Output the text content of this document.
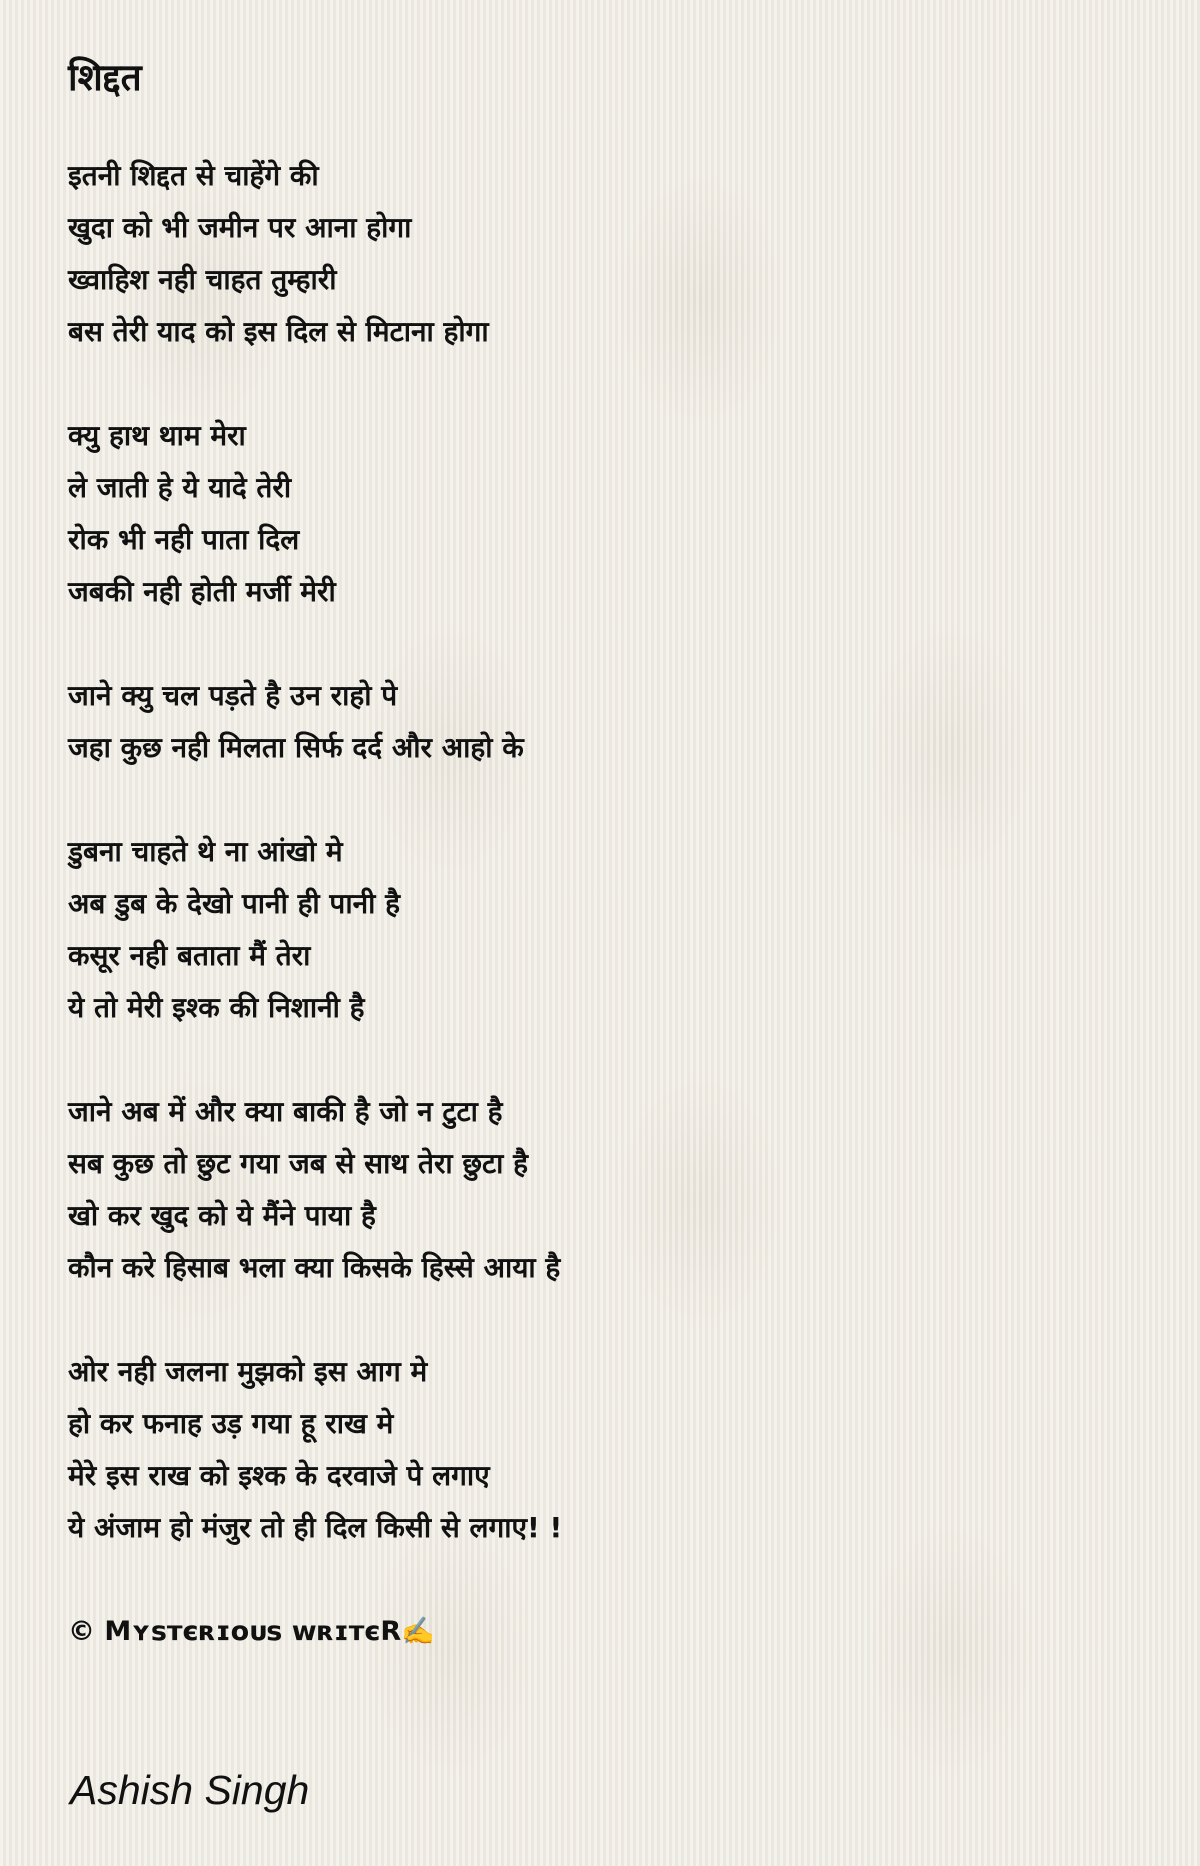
शिद्दत
इतनी शिद्दत से चाहेंगे की
खुदा को भी जमीन पर आना होगा
ख्वाहिश नही चाहत तुम्हारी
बस तेरी याद को इस दिल से मिटाना होगा
क्यु हाथ थाम मेरा
ले जाती हे ये यादे तेरी
रोक भी नही पाता दिल
जबकी नही होती मर्जी मेरी
जाने क्यु चल पड़ते है उन राहो पे
जहा कुछ नही मिलता सिर्फ दर्द और आहो के
डुबना चाहते थे ना आंखो मे
अब डुब के देखो पानी ही पानी है
कसूर नही बताता मैं तेरा
ये तो मेरी इश्क की निशानी है
जाने अब में और क्या बाकी है जो न टुटा है
सब कुछ तो छुट गया जब से साथ तेरा छुटा है
खो कर खुद को ये मैंने पाया है
कौन करे हिसाब भला क्या किसके हिस्से आया है
ओर नही जलना मुझको इस आग मे
हो कर फनाह उड़ गया हू राख मे
मेरे इस राख को इश्क के दरवाजे पे लगाए
ये अंजाम हो मंजुर तो ही दिल किसी से लगाए! !
© Mʏsᴛєʀɪᴏᴜs ᴡʀɪᴛєR✍️
Ashish Singh
